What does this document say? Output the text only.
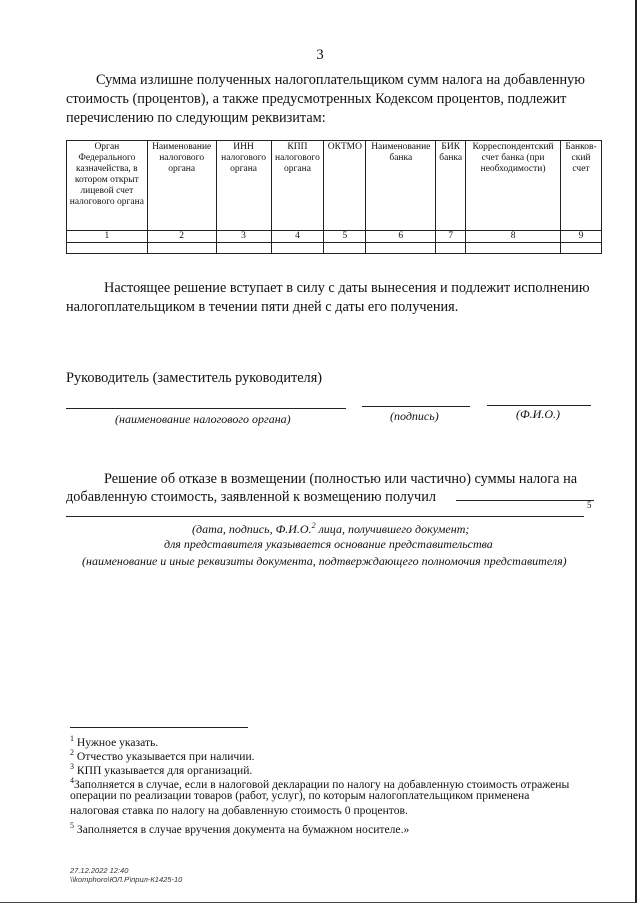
3
Сумма излишне полученных налогоплательщиком сумм налога на добавленную
стоимость (процентов), а также предусмотренных Кодексом процентов, подлежит
перечислению по следующим реквизитам:
Орган Федерального казначейства, в котором открыт лицевой счет налогового органа	Наименование налогового органа	ИНН налогового органа	КПП налогового органа	ОКТМО	Наименование банка	БИК банка	Корреспондентский счет банка (при необходимости)	Банков-ский счет
1	2	3	4	5	6	7	8	9

Настоящее решение вступает в силу с даты вынесения и подлежит исполнению
налогоплательщиком в течении пяти дней с даты его получения.
Руководитель (заместитель руководителя)
(наименование налогового органа)	(подпись)	(Ф.И.О.)
Решение об отказе в возмещении (полностью или частично) суммы налога на
добавленную стоимость, заявленной к возмещению получил	5
(дата, подпись, Ф.И.О.$^2$ лица, получившего документ;
для представителя указывается основание представительства
(наименование и иные реквизиты документа, подтверждающего полномочия представителя)
$^1$ Нужное указать.
$^2$ Отчество указывается при наличии.
$^3$ КПП указывается для организаций.
$^4$Заполняется в случае, если в налоговой декларации по налогу на добавленную стоимость отражены
операции по реализации товаров (работ, услуг), по которым налогоплательщиком применена
налоговая ставка по налогу на добавленную стоимость 0 процентов.
$^5$ Заполняется в случае вручения документа на бумажном носителе.»
27.12.2022 12:40
\\komphoro\ЮЛ.Р\прил-К1425-10
